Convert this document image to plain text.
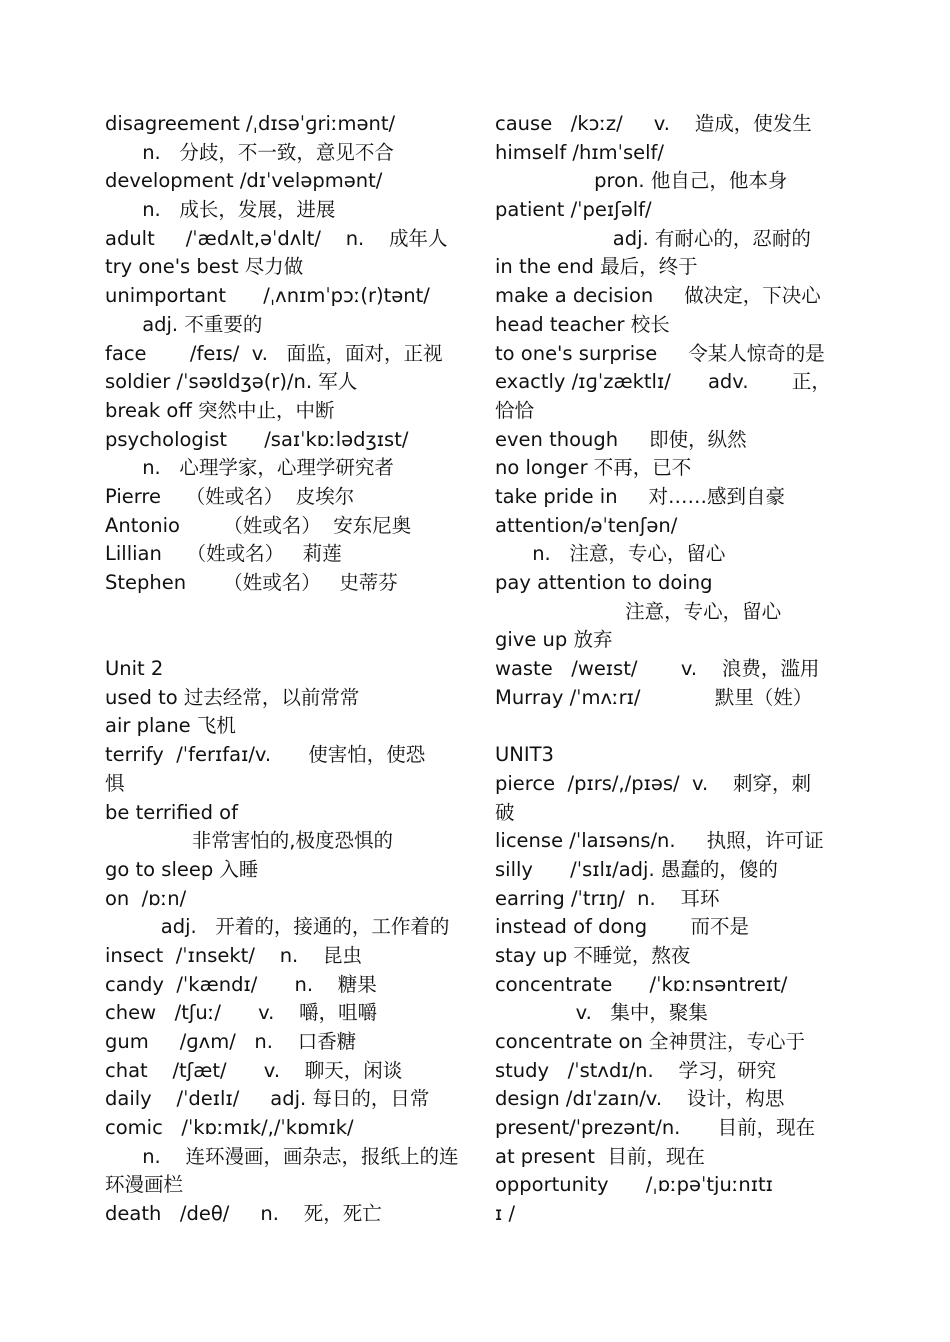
disagreement /ˌdɪsəˈɡriːmənt/
n.   分歧，不一致，意见不合
development /dɪˈveləpmənt/
n.   成长，发展，进展
adult     /ˈædʌlt,əˈdʌlt/    n.    成年人
try one's best 尽力做
unimportant      /ˌʌnɪmˈpɔː(r)tənt/
adj. 不重要的
face       /feɪs/  v.   面监，面对，正视
soldier /ˈsəʊldʒə(r)/n. 军人
break off 突然中止，中断
psychologist      /saɪˈkɒːlədʒɪst/
n.   心理学家，心理学研究者
Pierre    （姓或名）  皮埃尔
Antonio       （姓或名）  安东尼奥
Lillian    （姓或名）   莉莲
Stephen      （姓或名）   史蒂芬
Unit 2
used to 过去经常，以前常常
air plane 飞机
terrify  /ˈferɪfaɪ/v.      使害怕，使恐
惧
be terrified of
非常害怕的,极度恐惧的
go to sleep 入睡
on  /ɒːn/
adj.   开着的，接通的，工作着的
insect  /ˈɪnsekt/    n.    昆虫
candy  /ˈkændɪ/      n.    糖果
chew   /tʃuː/      v.    嚼，咀嚼
gum     /ɡʌm/   n.    口香糖
chat    /tʃæt/      v.    聊天，闲谈
daily    /ˈdeɪlɪ/     adj. 每日的，日常
comic   /ˈkɒːmɪk/,/ˈkɒmɪk/
n.    连环漫画，画杂志，报纸上的连
环漫画栏
death   /deθ/     n.    死，死亡
cause   /kɔːz/     v.    造成，使发生
himself /hɪmˈself/
pron. 他自己，他本身
patient /ˈpeɪʃəlf/
adj. 有耐心的，忍耐的
in the end 最后，终于
make a decision     做决定，下决心
head teacher 校长
to one's surprise     令某人惊奇的是
exactly /ɪɡˈzæktlɪ/      adv.       正，
恰恰
even though     即使，纵然
no longer 不再，已不
take pride in     对……感到自豪
attention/əˈtenʃən/
n.   注意，专心，留心
pay attention to doing
注意，专心，留心
give up 放弃
waste   /weɪst/       v.    浪费，滥用
Murray /ˈmʌːrɪ/            默里（姓）
UNIT3
pierce  /pɪrs/,/pɪəs/  v.    刺穿，刺
破
license /ˈlaɪsəns/n.     执照，许可证
silly      /ˈsɪlɪ/adj. 愚蠢的，傻的
earring /ˈtrɪŋ/  n.    耳环
instead of dong       而不是
stay up 不睡觉，熬夜
concentrate      /ˈkɒːnsəntreɪt/
v.   集中，聚集
concentrate on 全神贯注，专心于
study   /ˈstʌdɪ/n.    学习，研究
design /dɪˈzaɪn/v.    设计，构思
present/ˈprezənt/n.      目前，现在
at present  目前，现在
opportunity      /ˌɒːpəˈtjuːnɪtɪ
ɪ /
